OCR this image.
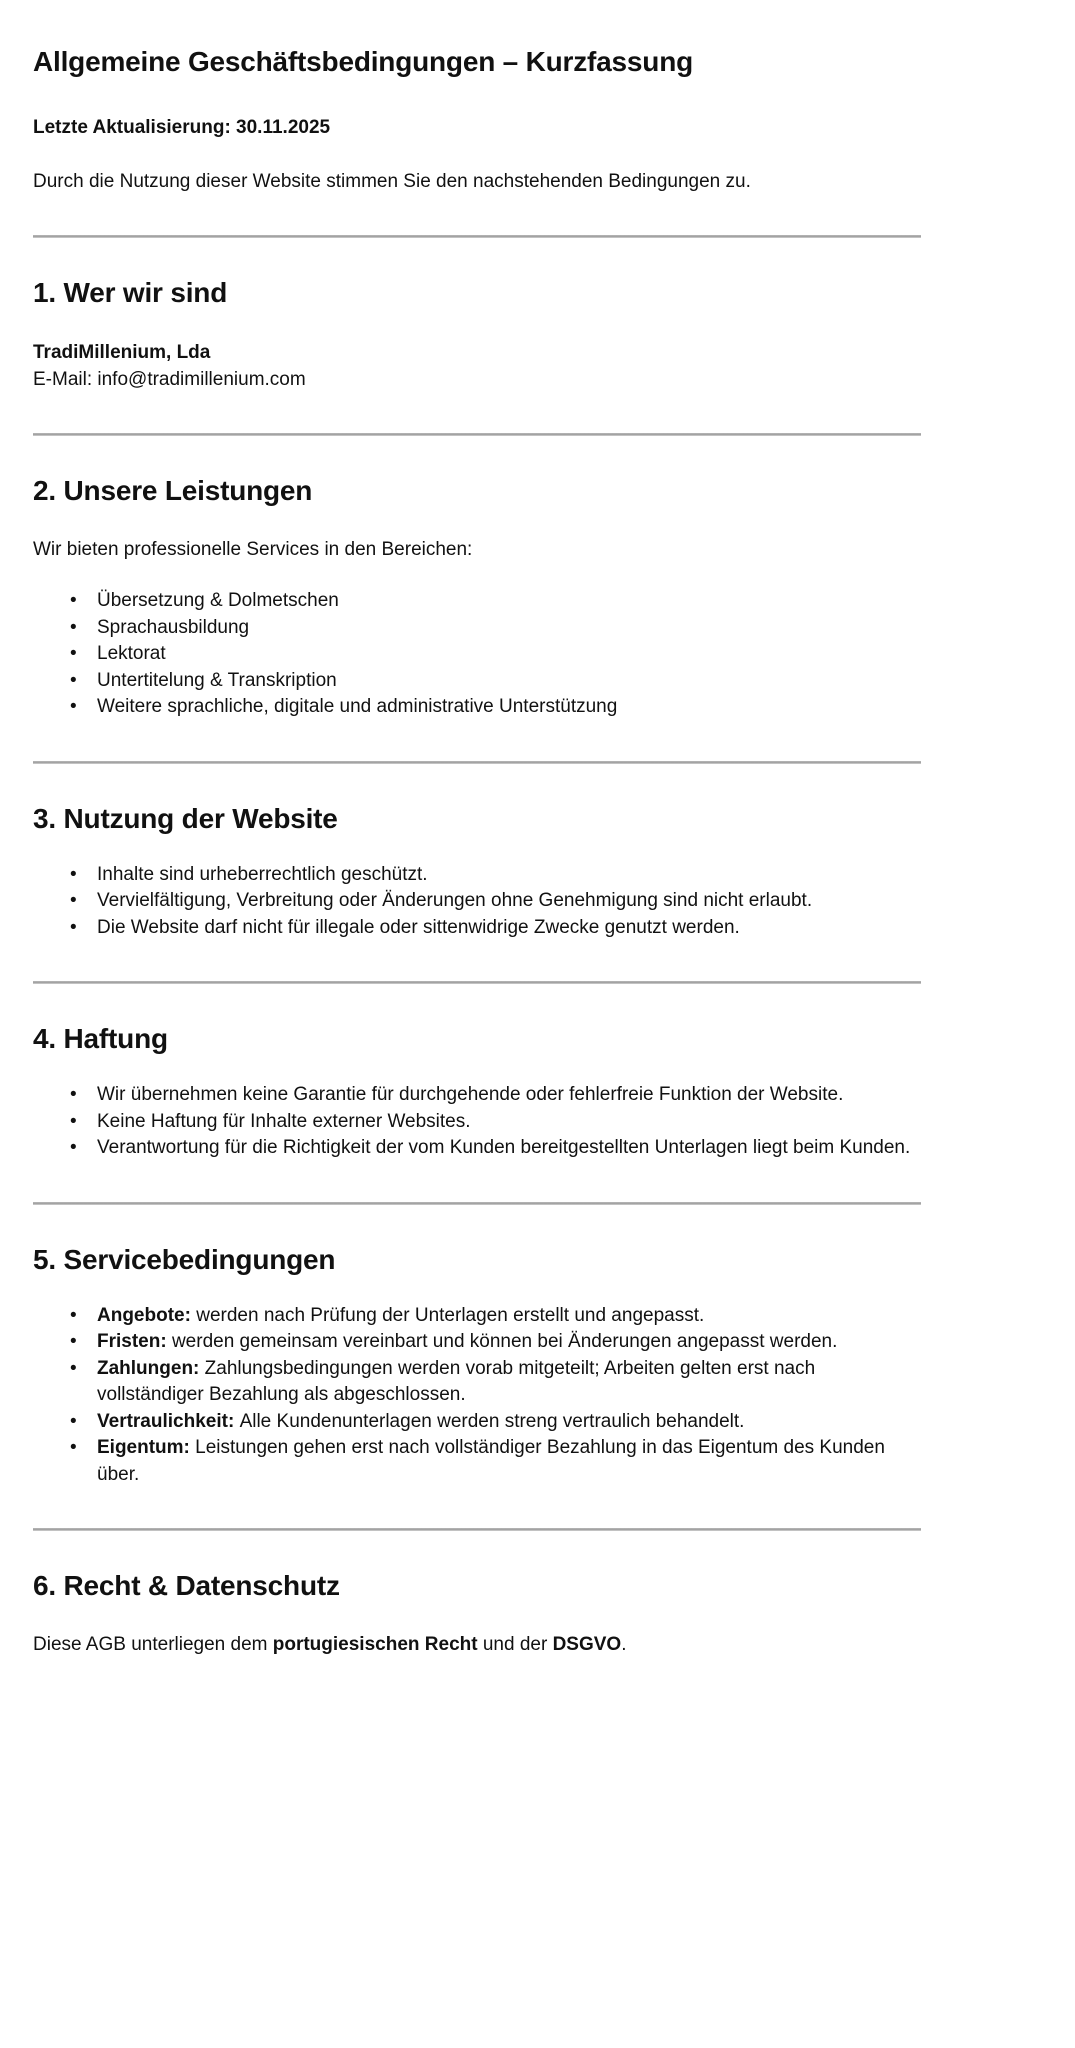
Allgemeine Geschäftsbedingungen – Kurzfassung
Letzte Aktualisierung: 30.11.2025
Durch die Nutzung dieser Website stimmen Sie den nachstehenden Bedingungen zu.
1. Wer wir sind
TradiMillenium, Lda
E-Mail: info@tradimillenium.com
2. Unsere Leistungen
Wir bieten professionelle Services in den Bereichen:
• Übersetzung & Dolmetschen
• Sprachausbildung
• Lektorat
• Untertitelung & Transkription
• Weitere sprachliche, digitale und administrative Unterstützung
3. Nutzung der Website
• Inhalte sind urheberrechtlich geschützt.
• Vervielfältigung, Verbreitung oder Änderungen ohne Genehmigung sind nicht erlaubt.
• Die Website darf nicht für illegale oder sittenwidrige Zwecke genutzt werden.
4. Haftung
• Wir übernehmen keine Garantie für durchgehende oder fehlerfreie Funktion der Website.
• Keine Haftung für Inhalte externer Websites.
• Verantwortung für die Richtigkeit der vom Kunden bereitgestellten Unterlagen liegt beim Kunden.
5. Servicebedingungen
• Angebote: werden nach Prüfung der Unterlagen erstellt und angepasst.
• Fristen: werden gemeinsam vereinbart und können bei Änderungen angepasst werden.
• Zahlungen: Zahlungsbedingungen werden vorab mitgeteilt; Arbeiten gelten erst nach vollständiger Bezahlung als abgeschlossen.
• Vertraulichkeit: Alle Kundenunterlagen werden streng vertraulich behandelt.
• Eigentum: Leistungen gehen erst nach vollständiger Bezahlung in das Eigentum des Kunden über.
6. Recht & Datenschutz
Diese AGB unterliegen dem portugiesischen Recht und der DSGVO.
